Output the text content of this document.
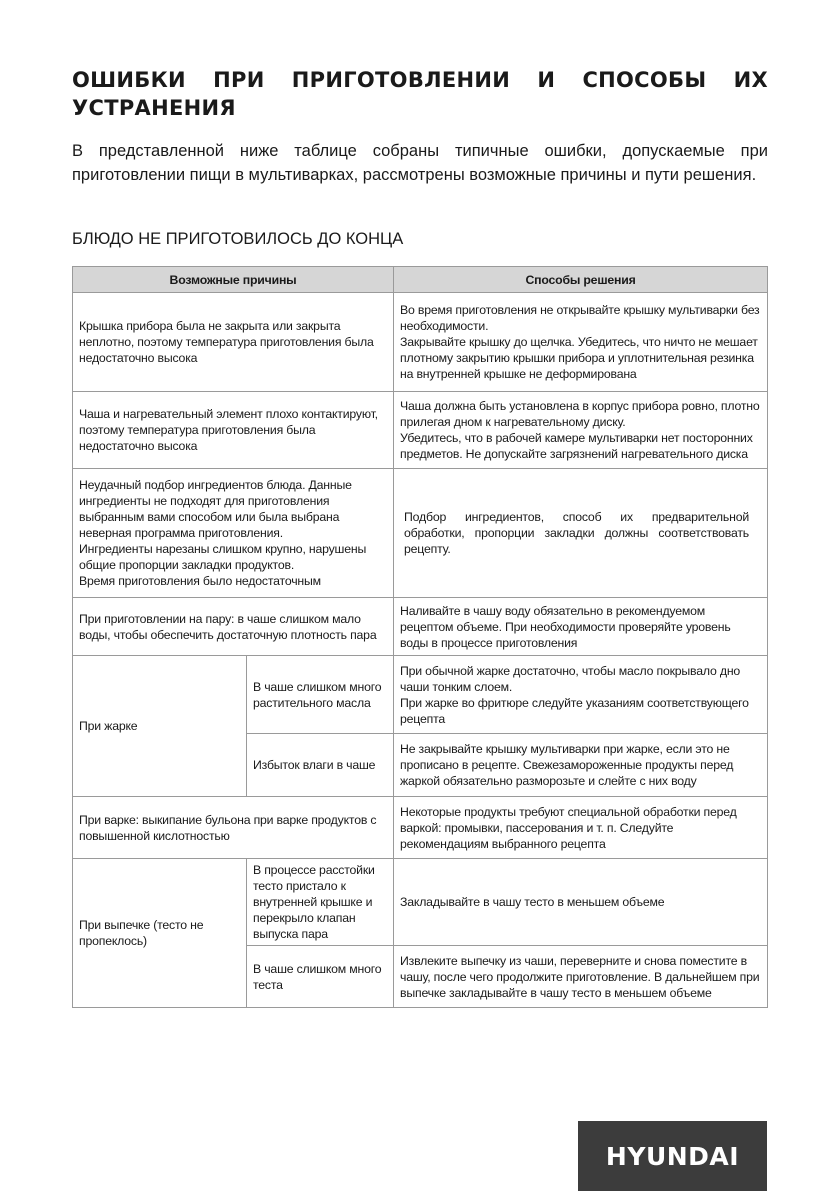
ОШИБКИ ПРИ ПРИГОТОВЛЕНИИ И СПОСОБЫ ИХ УСТРАНЕНИЯ

В представленной ниже таблице собраны типичные ошибки, допускаемые при приготовлении пищи в мультиварках, рассмотрены возможные причины и пути решения.

БЛЮДО НЕ ПРИГОТОВИЛОСЬ ДО КОНЦА
Возможные причины		Способы решения
Крышка прибора была не закрыта или закрыта неплотно, поэтому температура приготовления была недостаточно высока		Во время приготовления не открывайте крышку мультиварки без необходимости.
Закрывайте крышку до щелчка. Убедитесь, что ничто не мешает плотному закрытию крышки прибора и уплотнительная резинка на внутренней крышке не деформирована
Чаша и нагревательный элемент плохо контактируют, поэтому температура приготовления была недостаточно высока		Чаша должна быть установлена в корпус прибора ровно, плотно прилегая дном к нагревательному диску.
Убедитесь, что в рабочей камере мультиварки нет посторонних предметов. Не допускайте загрязнений нагревательного диска
Неудачный подбор ингредиентов блюда. Данные ингредиенты не подходят для приготовления выбранным вами способом или была выбрана неверная программа приготовления.
Ингредиенты нарезаны слишком крупно, нарушены общие пропорции закладки продуктов.
Время приготовления было недостаточным		Подбор ингредиентов, способ их предварительной обработки, пропорции закладки должны соответствовать рецепту.
При приготовлении на пару: в чаше слишком мало воды, чтобы обеспечить достаточную плотность пара		Наливайте в чашу воду обязательно в рекомендуемом рецептом объеме. При необходимости проверяйте уровень воды в процессе приготовления
При жарке	В чаше слишком много растительного масла	При обычной жарке достаточно, чтобы масло покрывало дно чаши тонким слоем.
При жарке во фритюре следуйте указаниям соответствующего рецепта
	Избыток влаги в чаше	Не закрывайте крышку мультиварки при жарке, если это не прописано в рецепте. Свежезамороженные продукты перед жаркой обязательно разморозьте и слейте с них воду
При варке: выкипание бульона при варке продуктов с повышенной кислотностью		Некоторые продукты требуют специальной обработки перед варкой: промывки, пассерования и т. п. Следуйте рекомендациям выбранного рецепта
При выпечке (тесто не пропеклось)	В процессе расстойки тесто пристало к внутренней крышке и перекрыло клапан выпуска пара	Закладывайте в чашу тесто в меньшем объеме
	В чаше слишком много теста	Извлеките выпечку из чаши, переверните и снова поместите в чашу, после чего продолжите приготовление. В дальнейшем при выпечке закладывайте в чашу тесто в меньшем объеме
HYUNDAI
